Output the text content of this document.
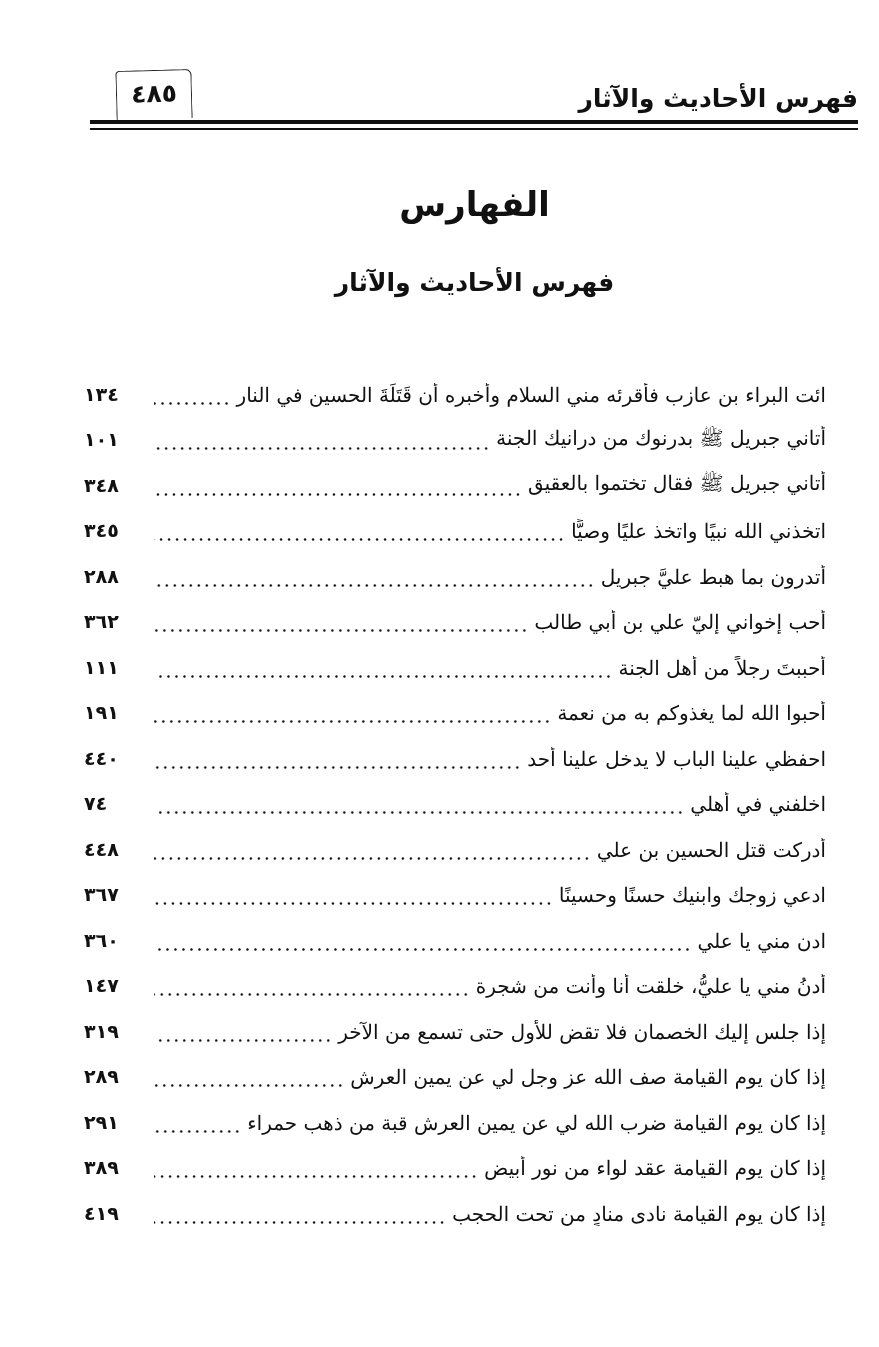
٤٨٥	فهرس الأحاديث والآثار
الفهارس
فهرس الأحاديث والآثار
ائت البراء بن عازب فأقرئه مني السلام وأخبره أن قَتَلَةَ الحسين في النار
١٣٤
أتاني جبريل ﷺ بدرنوك من درانيك الجنة
١٠١
أتاني جبريل ﷺ فقال تختموا بالعقيق
٣٤٨
اتخذني الله نبيًا واتخذ عليًا وصيًّا
٣٤٥
أتدرون بما هبط عليَّ جبريل
٢٨٨
أحب إخواني إليّ علي بن أبي طالب
٣٦٢
أحببتَ رجلاً من أهل الجنة
١١١
أحبوا الله لما يغذوكم به من نعمة
١٩١
احفظي علينا الباب لا يدخل علينا أحد
٤٤٠
اخلفني في أهلي
٧٤
أدركت قتل الحسين بن علي
٤٤٨
ادعي زوجك وابنيك حسنًا وحسينًا
٣٦٧
ادن مني يا علي
٣٦٠
أُدنُ مني يا عليُّ، خلقت أنا وأنت من شجرة
١٤٧
إذا جلس إليك الخصمان فلا تقض للأول حتى تسمع من الآخر
٣١٩
إذا كان يوم القيامة صف الله عز وجل لي عن يمين العرش
٢٨٩
إذا كان يوم القيامة ضرب الله لي عن يمين العرش قبة من ذهب حمراء
٢٩١
إذا كان يوم القيامة عقد لواء من نور أبيض
٣٨٩
إذا كان يوم القيامة نادى منادٍ من تحت الحجب
٤١٩
